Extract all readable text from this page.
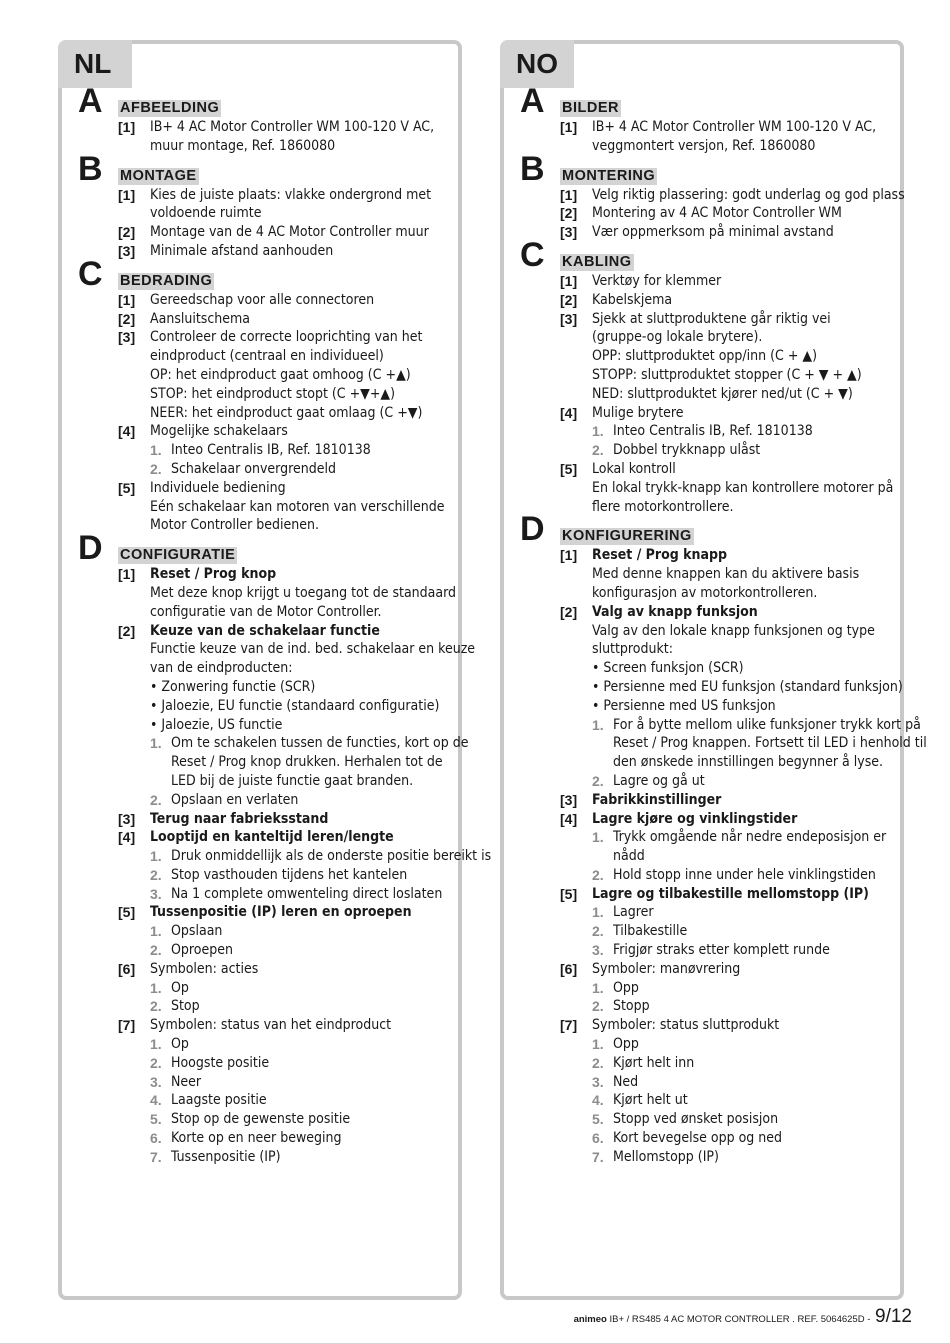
NL
A AFBEELDING
[1] IB+ 4 AC Motor Controller WM 100-120 V AC,
muur montage, Ref. 1860080
B MONTAGE
[1] Kies de juiste plaats: vlakke ondergrond met
voldoende ruimte
[2] Montage van de 4 AC Motor Controller muur
[3] Minimale afstand aanhouden
C BEDRADING
[1] Gereedschap voor alle connectoren
[2] Aansluitschema
[3] Controleer de correcte looprichting van het
eindproduct (centraal en individueel)
OP: het eindproduct gaat omhoog (C +▲)
STOP: het eindproduct stopt (C +▼+▲)
NEER: het eindproduct gaat omlaag (C +▼)
[4] Mogelijke schakelaars
1. Inteo Centralis IB, Ref. 1810138
2. Schakelaar onvergrendeld
[5] Individuele bediening
Eén schakelaar kan motoren van verschillende
Motor Controller bedienen.
D CONFIGURATIE
[1] Reset / Prog knop
Met deze knop krijgt u toegang tot de standaard
configuratie van de Motor Controller.
[2] Keuze van de schakelaar functie
Functie keuze van de ind. bed. schakelaar en keuze
van de eindproducten:
• Zonwering functie (SCR)
• Jaloezie, EU functie (standaard configuratie)
• Jaloezie, US functie
1. Om te schakelen tussen de functies, kort op de
Reset / Prog knop drukken. Herhalen tot de
LED bij de juiste functie gaat branden.
2. Opslaan en verlaten
[3] Terug naar fabrieksstand
[4] Looptijd en kanteltijd leren/lengte
1. Druk onmiddellijk als de onderste positie bereikt is
2. Stop vasthouden tijdens het kantelen
3. Na 1 complete omwenteling direct loslaten
[5] Tussenpositie (IP) leren en oproepen
1. Opslaan
2. Oproepen
[6] Symbolen: acties
1. Op
2. Stop
[7] Symbolen: status van het eindproduct
1. Op
2. Hoogste positie
3. Neer
4. Laagste positie
5. Stop op de gewenste positie
6. Korte op en neer beweging
7. Tussenpositie (IP)
NO
A BILDER
[1] IB+ 4 AC Motor Controller WM 100-120 V AC,
veggmontert versjon, Ref. 1860080
B MONTERING
[1] Velg riktig plassering: godt underlag og god plass
[2] Montering av 4 AC Motor Controller WM
[3] Vær oppmerksom på minimal avstand
C KABLING
[1] Verktøy for klemmer
[2] Kabelskjema
[3] Sjekk at sluttproduktene går riktig vei
(gruppe-og lokale brytere).
OPP: sluttproduktet opp/inn (C + ▲)
STOPP: sluttproduktet stopper (C + ▼ + ▲)
NED: sluttproduktet kjører ned/ut (C + ▼)
[4] Mulige brytere
1. Inteo Centralis IB, Ref. 1810138
2. Dobbel trykknapp ulåst
[5] Lokal kontroll
En lokal trykk-knapp kan kontrollere motorer på
flere motorkontrollere.
D KONFIGURERING
[1] Reset / Prog knapp
Med denne knappen kan du aktivere basis
konfigurasjon av motorkontrolleren.
[2] Valg av knapp funksjon
Valg av den lokale knapp funksjonen og type
sluttprodukt:
• Screen funksjon (SCR)
• Persienne med EU funksjon (standard funksjon)
• Persienne med US funksjon
1. For å bytte mellom ulike funksjoner trykk kort på
Reset / Prog knappen. Fortsett til LED i henhold til
den ønskede innstillingen begynner å lyse.
2. Lagre og gå ut
[3] Fabrikkinstillinger
[4] Lagre kjøre og vinklingstider
1. Trykk omgående når nedre endeposisjon er
nådd
2. Hold stopp inne under hele vinklingstiden
[5] Lagre og tilbakestille mellomstopp (IP)
1. Lagrer
2. Tilbakestille
3. Frigjør straks etter komplett runde
[6] Symboler: manøvrering
1. Opp
2. Stopp
[7] Symboler: status sluttprodukt
1. Opp
2. Kjørt helt inn
3. Ned
4. Kjørt helt ut
5. Stopp ved ønsket posisjon
6. Kort bevegelse opp og ned
7. Mellomstopp (IP)
animeo IB+ / RS485 4 AC MOTOR CONTROLLER . REF. 5064625D - 9/12
